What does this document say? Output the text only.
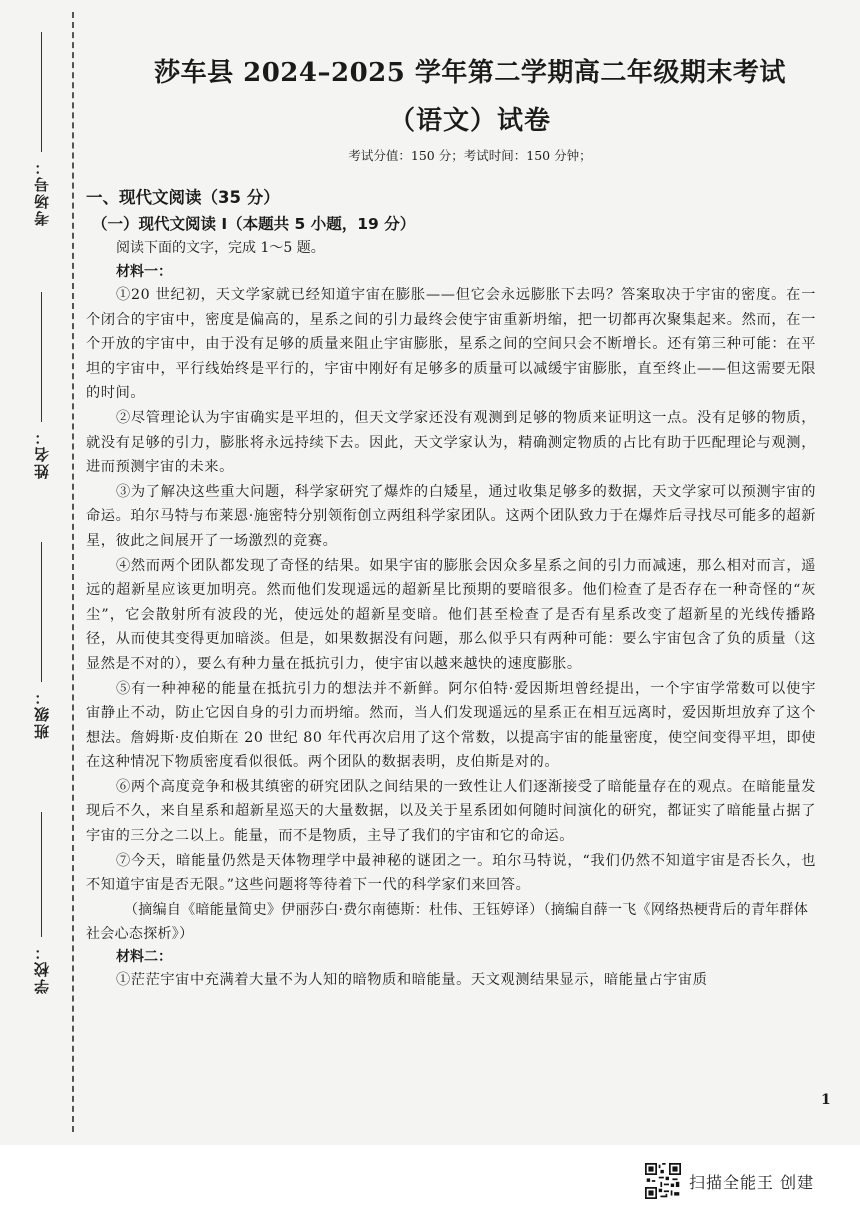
考场号：
姓名：
班级：
学校：
莎车县 2024–2025 学年第二学期高二年级期末考试
（语文）试卷
考试分值：150 分；考试时间：150 分钟；

一、现代文阅读（35 分）

（一）现代文阅读 I（本题共 5 小题，19 分）

阅读下面的文字，完成 1～5 题。

材料一：

①20 世纪初，天文学家就已经知道宇宙在膨胀——但它会永远膨胀下去吗？答案取决于宇宙的密度。在一个闭合的宇宙中，密度是偏高的，星系之间的引力最终会使宇宙重新坍缩，把一切都再次聚集起来。然而，在一个开放的宇宙中，由于没有足够的质量来阻止宇宙膨胀，星系之间的空间只会不断增长。还有第三种可能：在平坦的宇宙中，平行线始终是平行的，宇宙中刚好有足够多的质量可以减缓宇宙膨胀，直至终止——但这需要无限的时间。

②尽管理论认为宇宙确实是平坦的，但天文学家还没有观测到足够的物质来证明这一点。没有足够的物质，就没有足够的引力，膨胀将永远持续下去。因此，天文学家认为，精确测定物质的占比有助于匹配理论与观测，进而预测宇宙的未来。

③为了解决这些重大问题，科学家研究了爆炸的白矮星，通过收集足够多的数据，天文学家可以预测宇宙的命运。珀尔马特与布莱恩·施密特分别领衔创立两组科学家团队。这两个团队致力于在爆炸后寻找尽可能多的超新星，彼此之间展开了一场激烈的竞赛。

④然而两个团队都发现了奇怪的结果。如果宇宙的膨胀会因众多星系之间的引力而减速，那么相对而言，遥远的超新星应该更加明亮。然而他们发现遥远的超新星比预期的要暗很多。他们检查了是否存在一种奇怪的“灰尘”，它会散射所有波段的光，使远处的超新星变暗。他们甚至检查了是否有星系改变了超新星的光线传播路径，从而使其变得更加暗淡。但是，如果数据没有问题，那么似乎只有两种可能：要么宇宙包含了负的质量（这显然是不对的），要么有种力量在抵抗引力，使宇宙以越来越快的速度膨胀。

⑤有一种神秘的能量在抵抗引力的想法并不新鲜。阿尔伯特·爱因斯坦曾经提出，一个宇宙学常数可以使宇宙静止不动，防止它因自身的引力而坍缩。然而，当人们发现遥远的星系正在相互远离时，爱因斯坦放弃了这个想法。詹姆斯·皮伯斯在 20 世纪 80 年代再次启用了这个常数，以提高宇宙的能量密度，使空间变得平坦，即使在这种情况下物质密度看似很低。两个团队的数据表明，皮伯斯是对的。

⑥两个高度竞争和极其缜密的研究团队之间结果的一致性让人们逐渐接受了暗能量存在的观点。在暗能量发现后不久，来自星系和超新星巡天的大量数据，以及关于星系团如何随时间演化的研究，都证实了暗能量占据了宇宙的三分之二以上。能量，而不是物质，主导了我们的宇宙和它的命运。

⑦今天，暗能量仍然是天体物理学中最神秘的谜团之一。珀尔马特说，“我们仍然不知道宇宙是否长久，也不知道宇宙是否无限。”这些问题将等待着下一代的科学家们来回答。

（摘编自《暗能量简史》伊丽莎白·费尔南德斯：杜伟、王钰婷译）（摘编自薛一飞《网络热梗背后的青年群体社会心态探析》）

材料二：

①茫茫宇宙中充满着大量不为人知的暗物质和暗能量。天文观测结果显示，暗能量占宇宙质

1
扫描全能王 创建
